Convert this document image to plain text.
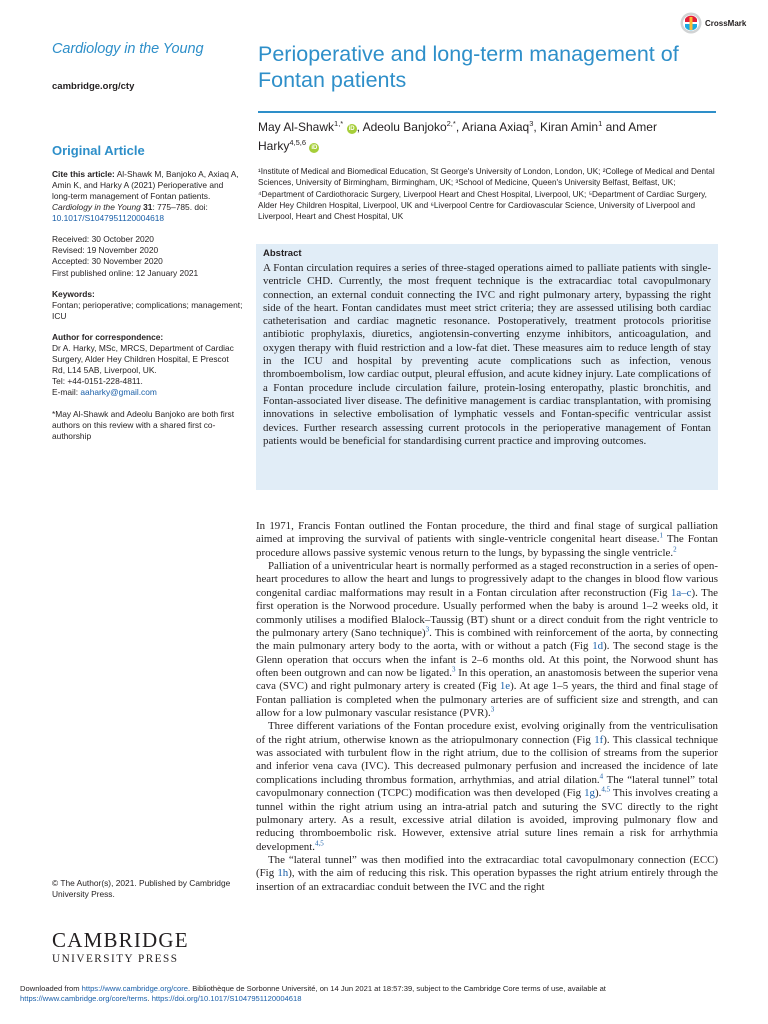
Cardiology in the Young
cambridge.org/cty
Original Article
Cite this article: Al-Shawk M, Banjoko A, Axiaq A, Amin K, and Harky A (2021) Perioperative and long-term management of Fontan patients. Cardiology in the Young 31: 775–785. doi: 10.1017/S1047951120004618
Received: 30 October 2020
Revised: 19 November 2020
Accepted: 30 November 2020
First published online: 12 January 2021
Keywords:
Fontan; perioperative; complications; management; ICU
Author for correspondence:
Dr A. Harky, MSc, MRCS, Department of Cardiac Surgery, Alder Hey Children Hospital, E Prescot Rd, L14 5AB, Liverpool, UK.
Tel: +44-0151-228-4811.
E-mail: aaharky@gmail.com
*May Al-Shawk and Adeolu Banjoko are both first authors on this review with a shared first co-authorship
© The Author(s), 2021. Published by Cambridge University Press.
CAMBRIDGE
UNIVERSITY PRESS
CrossMark
Perioperative and long-term management of Fontan patients
May Al-Shawk$^{1,*}$ iD , Adeolu Banjoko$^{2,*}$, Ariana Axiaq$^3$, Kiran Amin$^1$ and Amer Harky$^{4,5,6}$ iD
¹Institute of Medical and Biomedical Education, St George's University of London, London, UK; ²College of Medical and Dental Sciences, University of Birmingham, Birmingham, UK; ³School of Medicine, Queen's University Belfast, Belfast, UK; ⁴Department of Cardiothoracic Surgery, Liverpool Heart and Chest Hospital, Liverpool, UK; ⁵Department of Cardiac Surgery, Alder Hey Children Hospital, Liverpool, UK and ⁶Liverpool Centre for Cardiovascular Science, University of Liverpool and Liverpool, Heart and Chest Hospital, UK
Abstract
A Fontan circulation requires a series of three-staged operations aimed to palliate patients with single-ventricle CHD. Currently, the most frequent technique is the extracardiac total cavopulmonary connection, an external conduit connecting the IVC and right pulmonary artery, bypassing the right side of the heart. Fontan candidates must meet strict criteria; they are assessed utilising both cardiac catheterisation and cardiac magnetic resonance. Postoperatively, treatment protocols prioritise antibiotic prophylaxis, diuretics, angiotensin-converting enzyme inhibitors, anticoagulation, and oxygen therapy with fluid restriction and a low-fat diet. These measures aim to reduce length of stay in the ICU and hospital by preventing acute complications such as infection, venous thromboembolism, low cardiac output, pleural effusion, and acute kidney injury. Late complications of a Fontan procedure include circulation failure, protein-losing enteropathy, plastic bronchitis, and Fontan-associated liver disease. The definitive management is cardiac transplantation, with promising innovations in selective embolisation of lymphatic vessels and Fontan-specific ventricular assist devices. Further research assessing current protocols in the perioperative management of Fontan patients would be beneficial for standardising current practice and improving outcomes.

In 1971, Francis Fontan outlined the Fontan procedure, the third and final stage of surgical palliation aimed at improving the survival of patients with single-ventricle congenital heart disease.$^1$ The Fontan procedure allows passive systemic venous return to the lungs, by bypassing the single ventricle.$^2$

Palliation of a univentricular heart is normally performed as a staged reconstruction in a series of open-heart procedures to allow the heart and lungs to progressively adapt to the changes in blood flow various congenital cardiac malformations may result in a Fontan circulation after reconstruction (Fig 1a–c). The first operation is the Norwood procedure. Usually performed when the baby is around 1–2 weeks old, it commonly utilises a modified Blalock–Taussig (BT) shunt or a direct conduit from the right ventricle to the pulmonary artery (Sano technique)$^3$. This is combined with reinforcement of the aorta, by connecting the main pulmonary artery body to the aorta, with or without a patch (Fig 1d). The second stage is the Glenn operation that occurs when the infant is 2–6 months old. At this point, the Norwood shunt has often been outgrown and can now be ligated.$^3$ In this operation, an anastomosis between the superior vena cava (SVC) and right pulmonary artery is created (Fig 1e). At age 1–5 years, the third and final stage of Fontan palliation is completed when the pulmonary arteries are of sufficient size and strength, and can allow for a low pulmonary vascular resistance (PVR).$^3$

Three different variations of the Fontan procedure exist, evolving originally from the ventriculisation of the right atrium, otherwise known as the atriopulmonary connection (Fig 1f). This classical technique was associated with turbulent flow in the right atrium, due to the collision of streams from the superior and inferior vena cava (IVC). This decreased pulmonary perfusion and increased the incidence of late complications including thrombus formation, arrhythmias, and atrial dilation.$^4$ The “lateral tunnel” total cavopulmonary connection (TCPC) modification was then developed (Fig 1g).$^{4,5}$ This involves creating a tunnel within the right atrium using an intra-atrial patch and suturing the SVC directly to the right pulmonary artery. As a result, excessive atrial dilation is avoided, improving pulmonary flow and reducing thromboembolic risk. However, extensive atrial suture lines remain a risk for arrhythmia development.$^{4,5}$

The “lateral tunnel” was then modified into the extracardiac total cavopulmonary connection (ECC) (Fig 1h), with the aim of reducing this risk. This operation bypasses the right atrium entirely through the insertion of an extracardiac conduit between the IVC and the right

Downloaded from https://www.cambridge.org/core. Bibliothèque de Sorbonne Université, on 14 Jun 2021 at 18:57:39, subject to the Cambridge Core terms of use, available at
https://www.cambridge.org/core/terms. https://doi.org/10.1017/S1047951120004618
